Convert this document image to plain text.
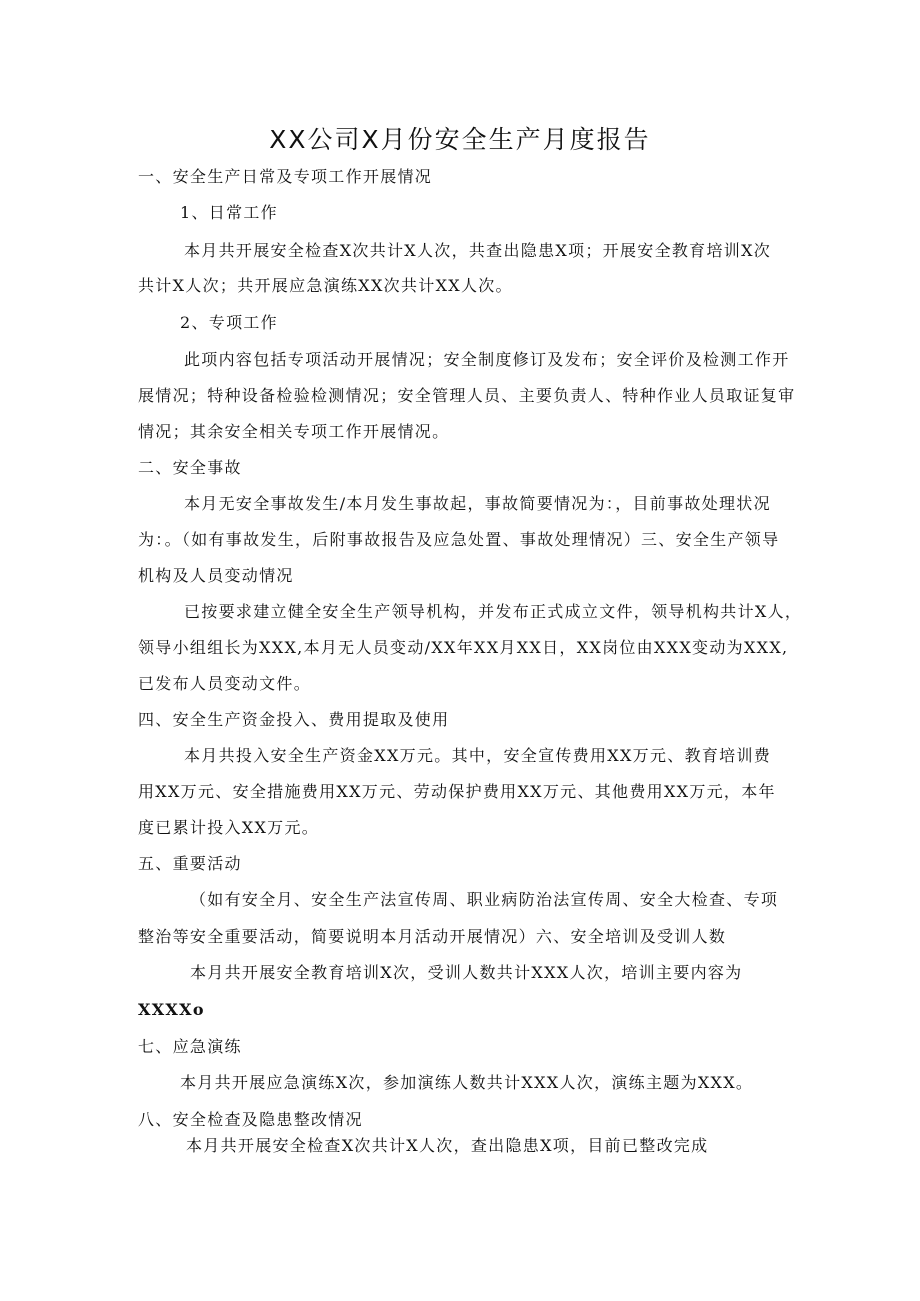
XX公司X月份安全生产月度报告
一、安全生产日常及专项工作开展情况
1、日常工作
本月共开展安全检查X次共计X人次，共查出隐患X项；开展安全教育培训X次
共计X人次；共开展应急演练XX次共计XX人次。
2、专项工作
此项内容包括专项活动开展情况；安全制度修订及发布；安全评价及检测工作开
展情况；特种设备检验检测情况；安全管理人员、主要负责人、特种作业人员取证复审
情况；其余安全相关专项工作开展情况。
二、安全事故
本月无安全事故发生/本月发生事故起，事故简要情况为：，目前事故处理状况
为：。（如有事故发生，后附事故报告及应急处置、事故处理情况）三、安全生产领导
机构及人员变动情况
已按要求建立健全安全生产领导机构，并发布正式成立文件，领导机构共计X人，
领导小组组长为XXX,本月无人员变动/XX年XX月XX日，XX岗位由XXX变动为XXX,
已发布人员变动文件。
四、安全生产资金投入、费用提取及使用
本月共投入安全生产资金XX万元。其中，安全宣传费用XX万元、教育培训费
用XX万元、安全措施费用XX万元、劳动保护费用XX万元、其他费用XX万元，本年
度已累计投入XX万元。
五、重要活动
（如有安全月、安全生产法宣传周、职业病防治法宣传周、安全大检查、专项
整治等安全重要活动，简要说明本月活动开展情况）六、安全培训及受训人数
本月共开展安全教育培训X次，受训人数共计XXX人次，培训主要内容为
XXXXo
七、应急演练
本月共开展应急演练X次，参加演练人数共计XXX人次，演练主题为XXX。
八、安全检查及隐患整改情况
本月共开展安全检查X次共计X人次，查出隐患X项，目前已整改完成
